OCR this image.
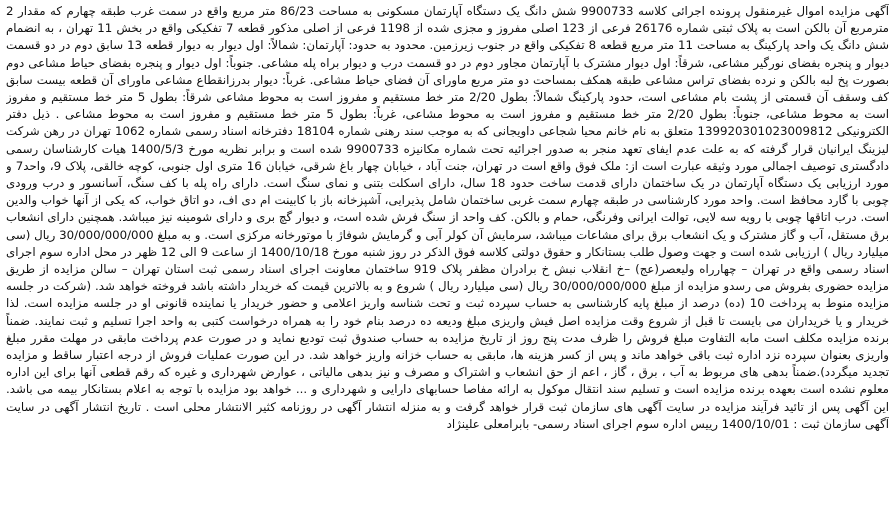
آگهی مزایده اموال غیرمنقول پرونده اجرائی کلاسه 9900733 شش دانگ یک دستگاه آپارتمان مسکونی به مساحت 86/23 متر مربع واقع در سمت غرب طبقه چهارم که مقدار 2 مترمربع آن بالکن است به پلاک ثبتی شماره 26176 فرعی از 123 اصلی مفروز و مجزی شده از 1198 فرعی از اصلی مذکور قطعه 7 تفکیکی واقع در بخش 11 تهران ، به انضمام شش دانگ یک واحد پارکینگ به مساحت 11 متر مربع قطعه 8 تفکیکی واقع در جنوب زیرزمین. محدود به حدود: آپارتمان: شمالاً: اول دیوار به دیوار قطعه 13 سابق دوم در دو قسمت دیوار و پنجره بفضای نورگیر مشاعی، شرقاً: اول دیوار مشترک با آپارتمان مجاور دوم در دو قسمت درب و دیوار براه پله مشاعی. جنوباً: اول دیوار و پنجره بفضای حیاط مشاعی دوم بصورت پخ لبه بالکن و نرده بفضای تراس مشاعی طبقه همکف بمساحت دو متر مربع ماورای آن فضای حیاط مشاعی. غرباً: دیوار بدرزانقطاع مشاعی ماورای آن قطعه بیست سابق کف وسقف آن قسمتی از پشت بام مشاعی است، حدود پارکینگ شمالاً: بطول 2/20 متر خط مستقیم و مفروز است به محوط مشاعی شرقاً: بطول 5 متر خط مستقیم و مفروز است به محوط مشاعی، جنوباً: بطول 2/20 متر خط مستقیم و مفروز است به محوط مشاعی، غرباً: بطول 5 متر خط مستقیم و مفروز است به محوط مشاعی . ذیل دفتر الکترونیکی 139920301023009812 متعلق به نام خانم محیا شجاعی داویجانی که به موجب سند رهنی شماره 18104 دفترخانه اسناد رسمی شماره 1062 تهران در رهن شرکت لیزینگ ایرانیان قرار گرفته که به علت عدم ایفای تعهد منجر به صدور اجرائیه تحت شماره مکانیزه 9900733 شده است و برابر نظریه مورخ 1400/5/3 هیات کارشناسان رسمی دادگستری توصیف اجمالی مورد وثیقه عبارت است از: ملک فوق واقع است در تهران، جنت آباد ، خیابان چهار باغ شرقی، خیابان 16 متری اول جنوبی، کوچه خالقی، پلاک 9، واحد7 و مورد ارزیابی یک دستگاه آپارتمان در یک ساختمان دارای قدمت ساخت حدود 18 سال، دارای اسکلت بتنی و نمای سنگ است. دارای راه پله با کف سنگ، آسانسور و درب ورودی چوبی با گارد محافظ است. واحد مورد کارشناسی در طبقه چهارم سمت غربی ساختمان شامل پذیرایی، آشپزخانه باز با کابینت ام دی اف، دو اتاق خواب، که یکی از آنها خواب والدین است. درب اتاقها چوبی با رویه سه لایی، توالت ایرانی وفرنگی، حمام و بالکن. کف واحد از سنگ فرش شده است، و دیوار گچ بری و دارای شومینه نیز میباشد. همچنین دارای انشعاب برق مستقل، آب و گاز مشترک و یک انشعاب برق برای مشاعات میباشد، سرمایش آن کولر آبی و گرمایش شوفاژ با موتورخانه مرکزی است. و به مبلغ 30/000/000/000 ریال (سی میلیارد ریال ) ارزیابی شده است و جهت وصول طلب بستانکار و حقوق دولتی کلاسه فوق الذکر در روز شنبه مورخ 1400/10/18 از ساعت 9 الی 12 ظهر در محل اداره سوم اجرای اسناد رسمی واقع در تهران – چهارراه ولیعصر(عج) –خ انقلاب نبش خ برادران مظفر پلاک 919 ساختمان معاونت اجرای اسناد رسمی ثبت استان تهران – سالن مزایده از طریق مزایده حضوری بفروش می رسدو مزایده از مبلغ 30/000/000/000 ریال (سی میلیارد ریال ) شروع و به بالاترین قیمت که خریدار داشته باشد فروخته خواهد شد. (شرکت در جلسه مزایده منوط به پرداخت 10 (ده) درصد از مبلغ پایه کارشناسی به حساب سپرده ثبت و تحت شناسه واریز اعلامی و حضور خریدار یا نماینده قانونی او در جلسه مزایده است. لذا خریدار و یا خریداران می بایست تا قبل از شروع وقت مزایده اصل فیش واریزی مبلغ ودیعه ده درصد بنام خود را به همراه درخواست کتبی به واحد اجرا تسلیم و ثبت نمایند. ضمناً برنده مزایده مکلف است مابه التفاوت مبلغ فروش را ظرف مدت پنج روز از تاریخ مزایده به حساب صندوق ثبت تودیع نماید و در صورت عدم پرداخت مابقی در مهلت مقرر مبلغ واریزی بعنوان سپرده نزد اداره ثبت باقی خواهد ماند و پس از کسر هزینه ها، مابقی به حساب خزانه واریز خواهد شد. در این صورت عملیات فروش از درجه اعتبار ساقط و مزایده تجدید میگردد).ضمناً بدهی های مربوط به آب ، برق ، گاز ، اعم از حق انشعاب و اشتراک و مصرف و نیز بدهی مالیاتی ، عوارض شهرداری و غیره که رقم قطعی آنها برای این اداره معلوم نشده است بعهده برنده مزایده است و تسلیم سند انتقال موکول به ارائه مفاصا حسابهای دارایی و شهرداری و ... خواهد بود مزایده با توجه به اعلام بستانکار بیمه می باشد. این آگهی پس از تائید فرآیند مزایده در سایت آگهی های سازمان ثبت قرار خواهد گرفت و به منزله انتشار آگهی در روزنامه کثیر الانتشار محلی است . تاریخ انتشار آگهی در سایت آگهی سازمان ثبت : 1400/10/01 رییس اداره سوم اجرای اسناد رسمی- بابرامعلی علینژاد
